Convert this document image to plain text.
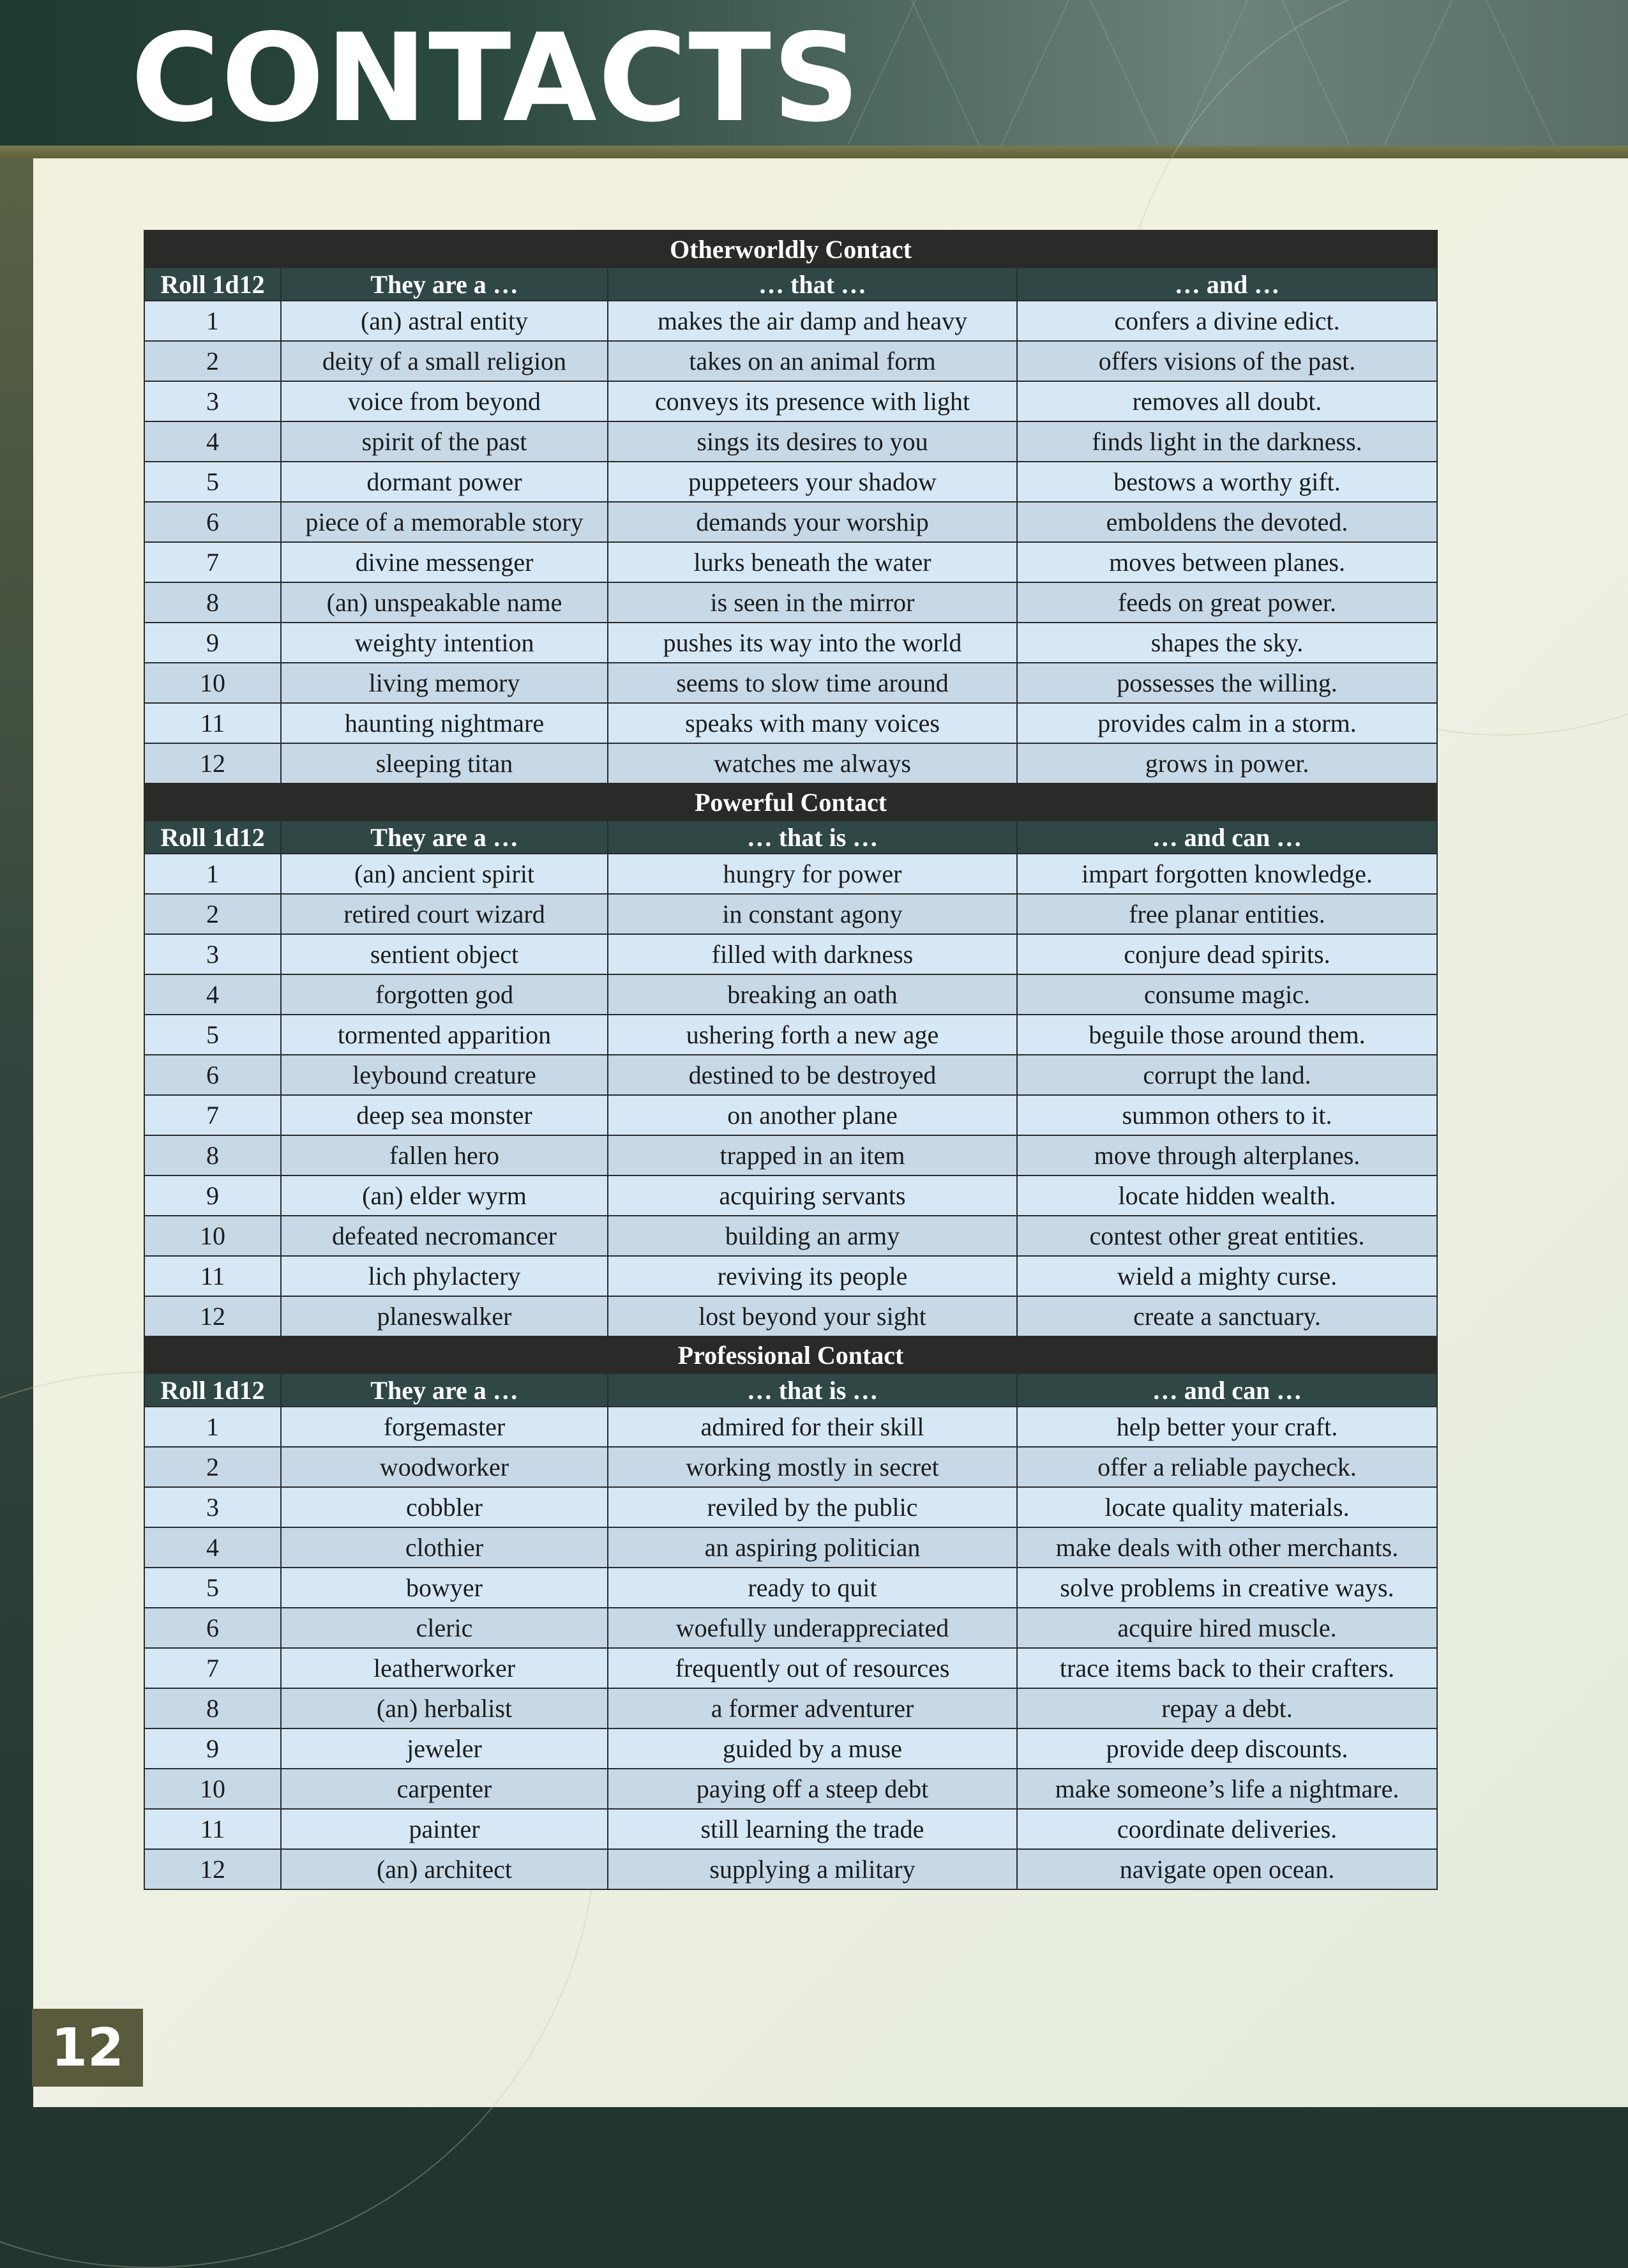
CONTACTS
Otherworldly Contact			
Roll 1d12	They are a …	… that …	… and …
1	(an) astral entity	makes the air damp and heavy	confers a divine edict.
2	deity of a small religion	takes on an animal form	offers visions of the past.
3	voice from beyond	conveys its presence with light	removes all doubt.
4	spirit of the past	sings its desires to you	finds light in the darkness.
5	dormant power	puppeteers your shadow	bestows a worthy gift.
6	piece of a memorable story	demands your worship	emboldens the devoted.
7	divine messenger	lurks beneath the water	moves between planes.
8	(an) unspeakable name	is seen in the mirror	feeds on great power.
9	weighty intention	pushes its way into the world	shapes the sky.
10	living memory	seems to slow time around	possesses the willing.
11	haunting nightmare	speaks with many voices	provides calm in a storm.
12	sleeping titan	watches me always	grows in power.
Powerful Contact			
Roll 1d12	They are a …	… that is …	… and can …
1	(an) ancient spirit	hungry for power	impart forgotten knowledge.
2	retired court wizard	in constant agony	free planar entities.
3	sentient object	filled with darkness	conjure dead spirits.
4	forgotten god	breaking an oath	consume magic.
5	tormented apparition	ushering forth a new age	beguile those around them.
6	leybound creature	destined to be destroyed	corrupt the land.
7	deep sea monster	on another plane	summon others to it.
8	fallen hero	trapped in an item	move through alterplanes.
9	(an) elder wyrm	acquiring servants	locate hidden wealth.
10	defeated necromancer	building an army	contest other great entities.
11	lich phylactery	reviving its people	wield a mighty curse.
12	planeswalker	lost beyond your sight	create a sanctuary.
Professional Contact			
Roll 1d12	They are a …	… that is …	… and can …
1	forgemaster	admired for their skill	help better your craft.
2	woodworker	working mostly in secret	offer a reliable paycheck.
3	cobbler	reviled by the public	locate quality materials.
4	clothier	an aspiring politician	make deals with other merchants.
5	bowyer	ready to quit	solve problems in creative ways.
6	cleric	woefully underappreciated	acquire hired muscle.
7	leatherworker	frequently out of resources	trace items back to their crafters.
8	(an) herbalist	a former adventurer	repay a debt.
9	jeweler	guided by a muse	provide deep discounts.
10	carpenter	paying off a steep debt	make someone’s life a nightmare.
11	painter	still learning the trade	coordinate deliveries.
12	(an) architect	supplying a military	navigate open ocean.
12
